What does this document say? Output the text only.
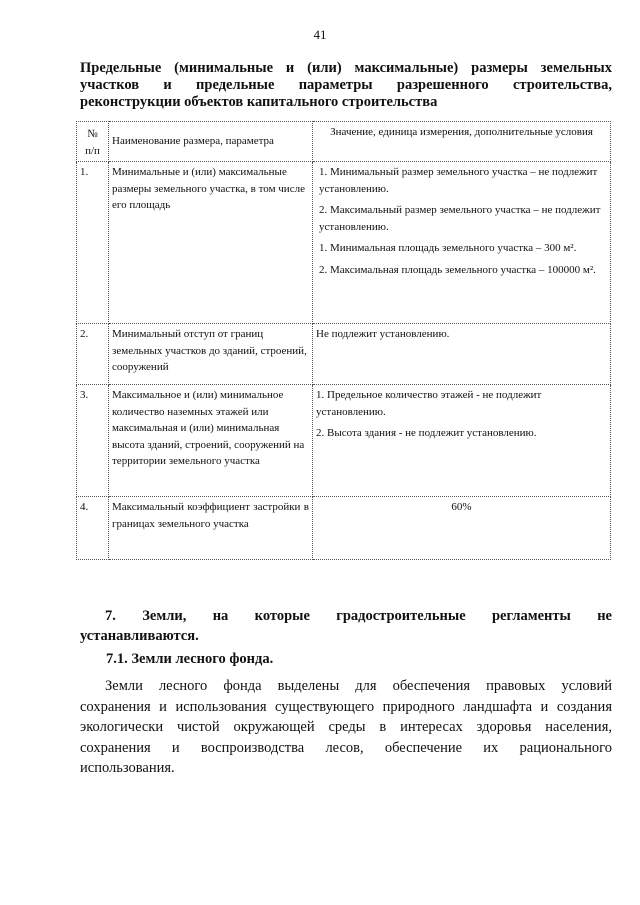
41
Предельные (минимальные и (или) максимальные) размеры земельных
участков и предельные параметры разрешенного строительства,
реконструкции объектов капитального строительства
№
п/п	Наименование размера, параметра	Значение, единица измерения, дополнительные условия
1.	Минимальные и (или) максимальные размеры земельного участка, в том числе его площадь	1. Минимальный размер земельного участка – не подлежит установлению.

2. Максимальный размер земельного участка – не подлежит установлению.

1. Минимальная площадь земельного участка – 300 м².

2. Максимальная площадь земельного участка – 100000 м².

2.	Минимальный отступ от границ земельных участков до зданий, строений, сооружений	Не подлежит установлению.
3.	Максимальное и (или) минимальное количество наземных этажей или максимальная и (или) минимальная высота зданий, строений, сооружений на территории земельного участка	1. Предельное количество этажей - не подлежит установлению.

2. Высота здания - не подлежит установлению.

4.	Максимальный коэффициент застройки в границах земельного участка	60%
7. Земли, на которые градостроительные регламенты не
устанавливаются.
7.1. Земли лесного фонда.
Земли лесного фонда выделены для обеспечения правовых условий
сохранения и использования существующего природного ландшафта и создания
экологически чистой окружающей среды в интересах здоровья населения,
сохранения и воспроизводства лесов, обеспечение их рационального
использования.
